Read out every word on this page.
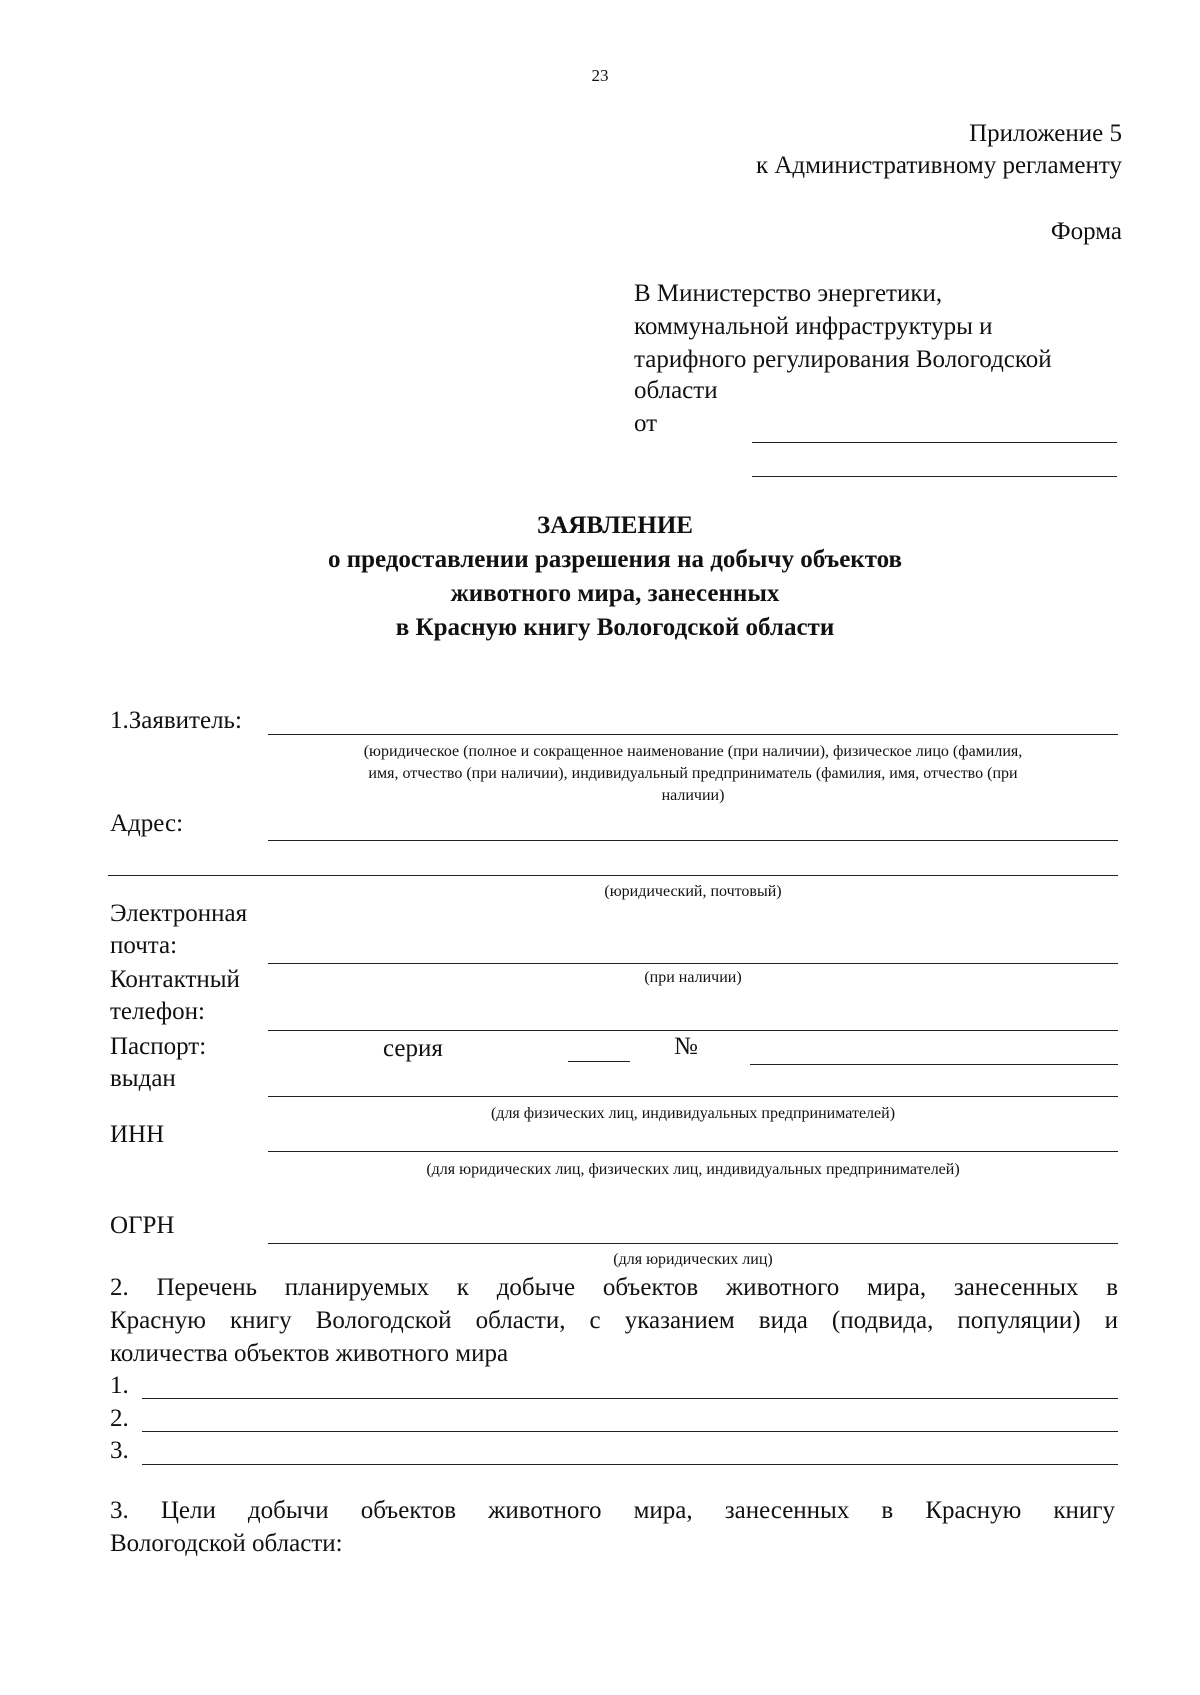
23
Приложение 5
к Административному регламенту
Форма
В Министерство энергетики,
коммунальной инфраструктуры и
тарифного регулирования Вологодской
области
от
ЗАЯВЛЕНИЕ
о предоставлении разрешения на добычу объектов
животного мира, занесенных
в Красную книгу Вологодской области
1.Заявитель:
(юридическое (полное и сокращенное наименование (при наличии), физическое лицо (фамилия,
имя, отчество (при наличии), индивидуальный предприниматель (фамилия, имя, отчество (при
наличии)
Адрес:
(юридический, почтовый)
Электронная
почта:
(при наличии)
Контактный
телефон:
Паспорт:	серия	№
выдан
(для физических лиц, индивидуальных предпринимателей)
ИНН
(для юридических лиц, физических лиц, индивидуальных предпринимателей)
ОГРН
(для юридических лиц)
2. Перечень планируемых к добыче объектов животного мира, занесенных в
Красную книгу Вологодской области, с указанием вида (подвида, популяции) и
количества объектов животного мира
1.
2.
3.
3. Цели добычи объектов животного мира, занесенных в Красную книгу
Вологодской области:
